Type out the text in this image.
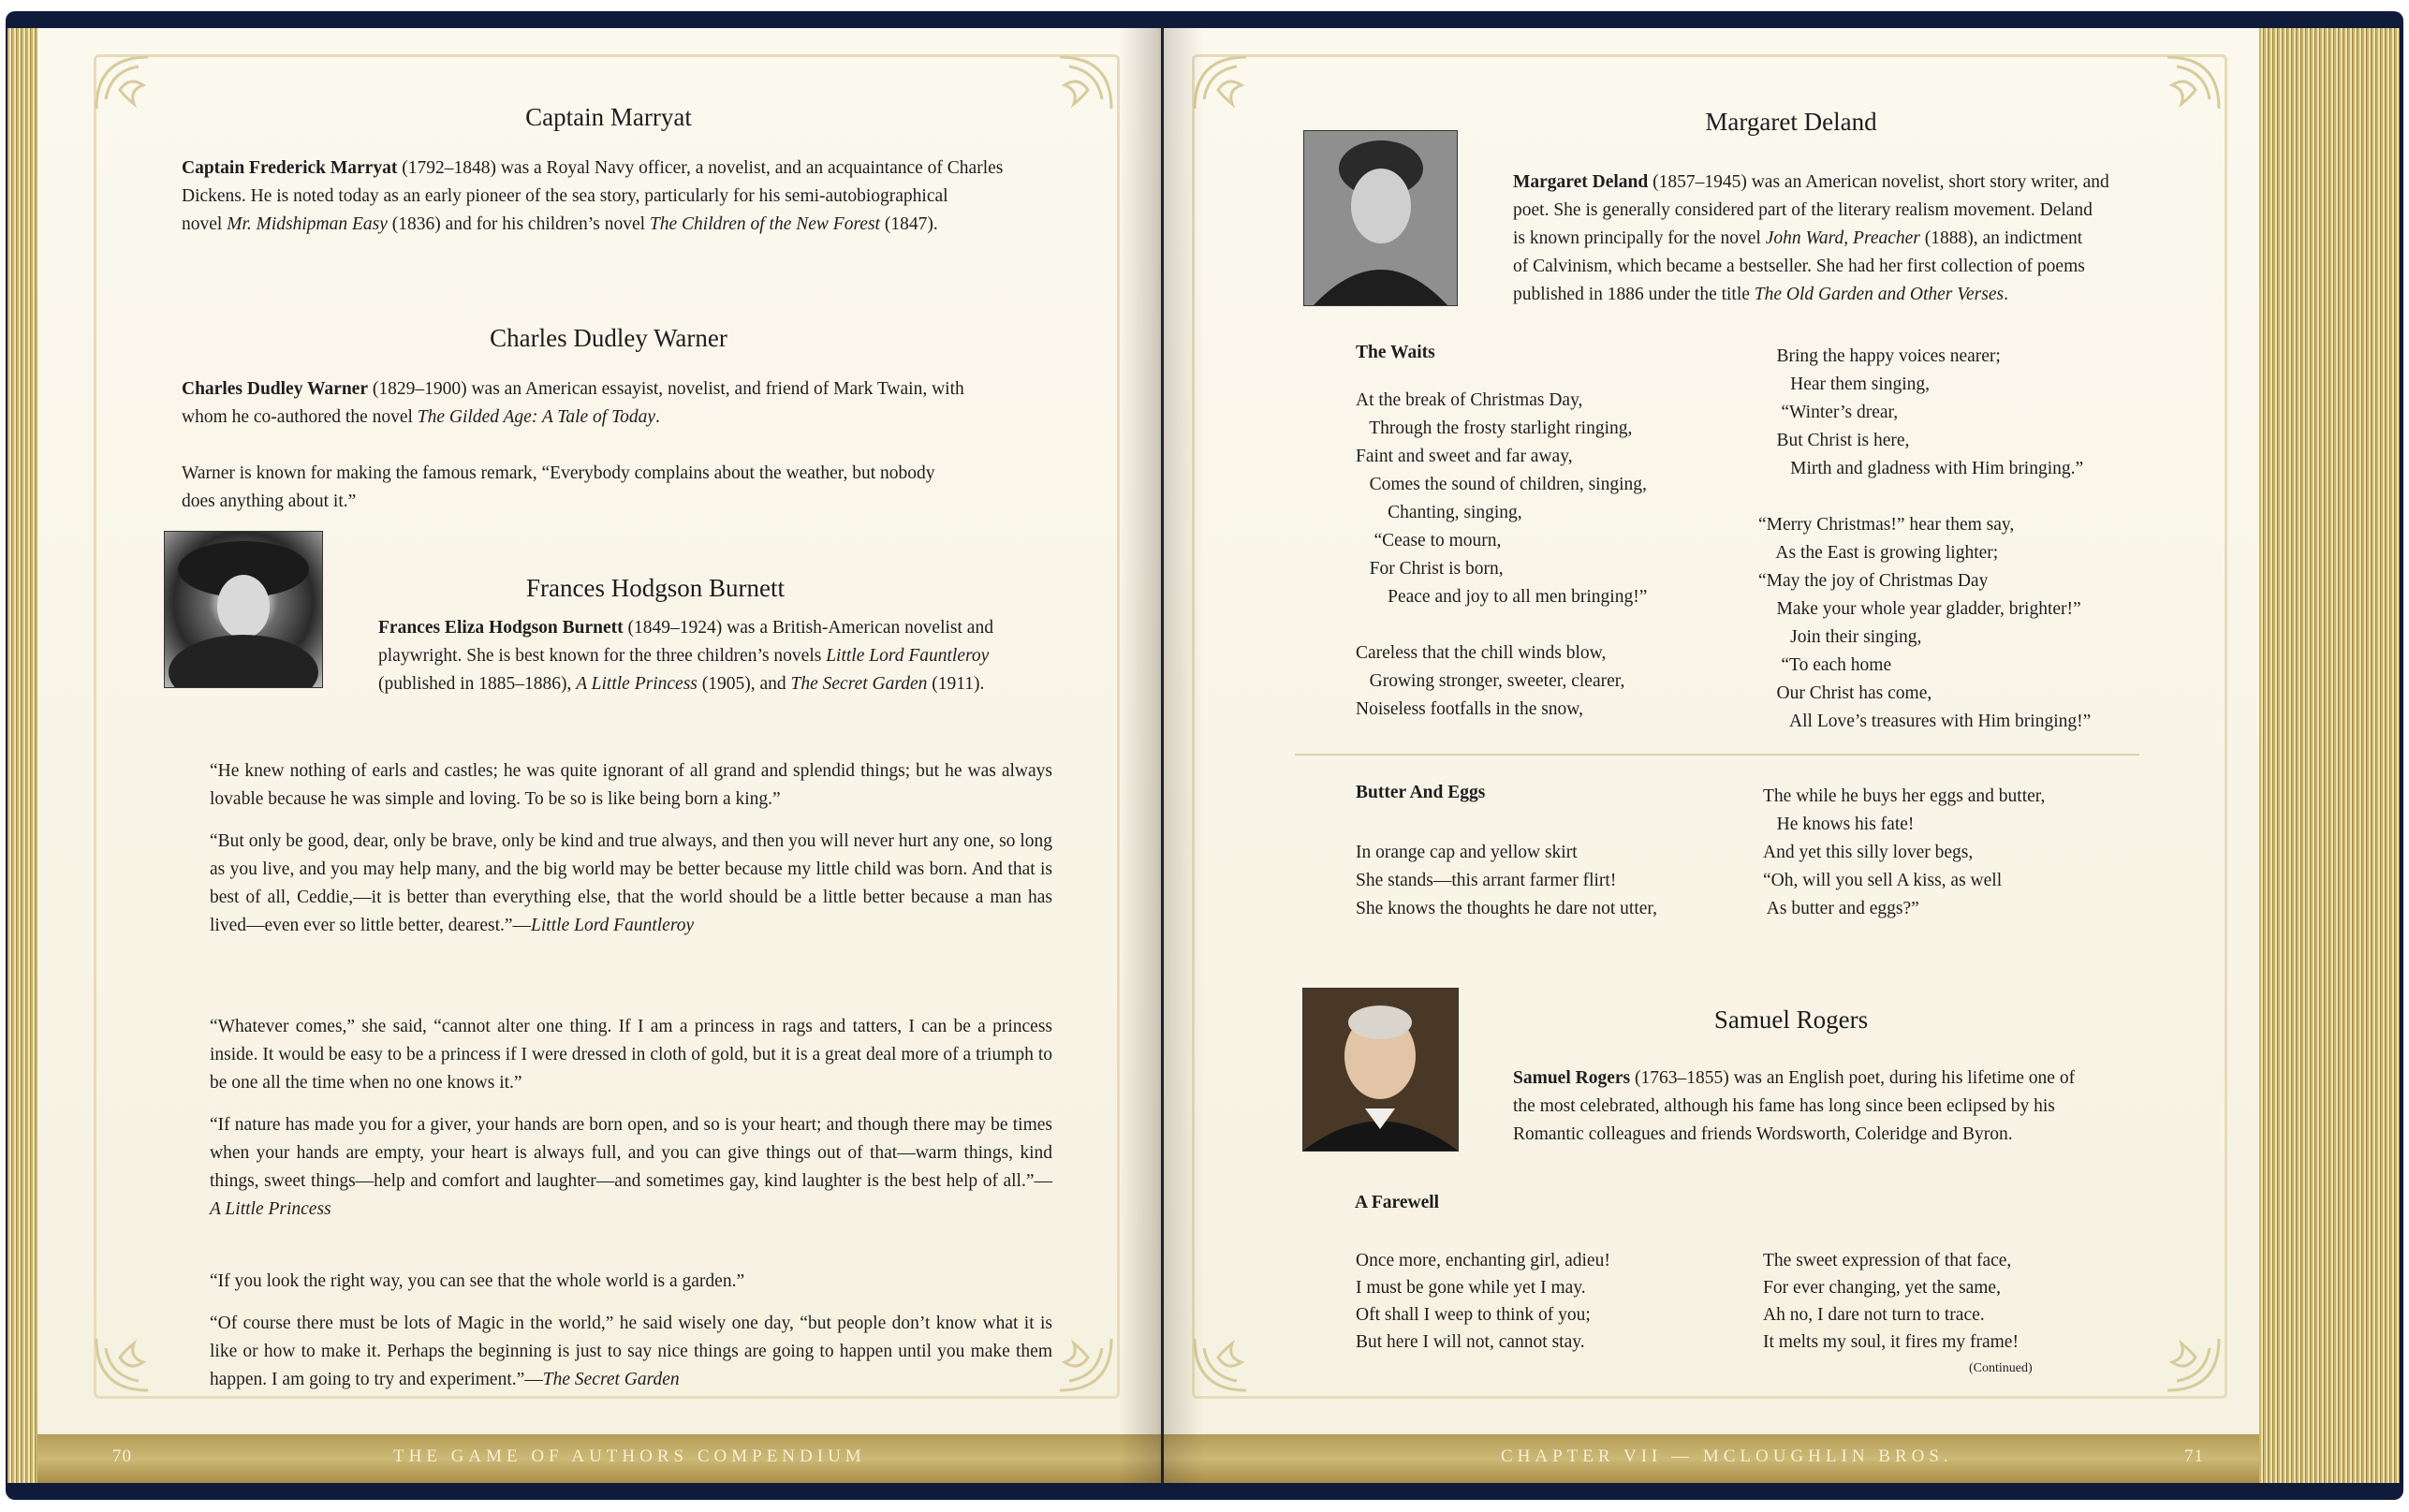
Captain Marryat

Captain Frederick Marryat (1792–1848) was a Royal Navy officer, a novelist, and an acquaintance of Charles
Dickens. He is noted today as an early pioneer of the sea story, particularly for his semi-autobiographical
novel Mr. Midshipman Easy (1836) and for his children’s novel The Children of the New Forest (1847).

Charles Dudley Warner

Charles Dudley Warner (1829–1900) was an American essayist, novelist, and friend of Mark Twain, with
whom he co-authored the novel The Gilded Age: A Tale of Today.

Warner is known for making the famous remark, “Everybody complains about the weather, but nobody
does anything about it.”

Frances Hodgson Burnett

Frances Eliza Hodgson Burnett (1849–1924) was a British-American novelist and
playwright. She is best known for the three children’s novels Little Lord Fauntleroy
(published in 1885–1886), A Little Princess (1905), and The Secret Garden (1911).

“He knew nothing of earls and castles; he was quite ignorant of all grand and splendid things; but he was always lovable because he was simple and loving. To be so is like being born a king.”

“But only be good, dear, only be brave, only be kind and true always, and then you will never hurt any one, so long as you live, and you may help many, and the big world may be better because my little child was born. And that is best of all, Ceddie,—it is better than everything else, that the world should be a little better because a man has lived—even ever so little better, dearest.”—Little Lord Fauntleroy

“Whatever comes,” she said, “cannot alter one thing. If I am a princess in rags and tatters, I can be a princess inside. It would be easy to be a princess if I were dressed in cloth of gold, but it is a great deal more of a triumph to be one all the time when no one knows it.”

“If nature has made you for a giver, your hands are born open, and so is your heart; and though there may be times when your hands are empty, your heart is always full, and you can give things out of that—warm things, kind things, sweet things—help and comfort and laughter—and sometimes gay, kind laughter is the best help of all.”—A Little Princess

“If you look the right way, you can see that the whole world is a garden.”

“Of course there must be lots of Magic in the world,” he said wisely one day, “but people don’t know what it is like or how to make it. Perhaps the beginning is just to say nice things are going to happen until you make them happen. I am going to try and experiment.”—The Secret Garden

70	THE GAME OF AUTHORS COMPENDIUM
Margaret Deland

Margaret Deland (1857–1945) was an American novelist, short story writer, and
poet. She is generally considered part of the literary realism movement. Deland
is known principally for the novel John Ward, Preacher (1888), an indictment
of Calvinism, which became a bestseller. She had her first collection of poems
published in 1886 under the title The Old Garden and Other Verses.

The Waits

At the break of Christmas Day,
Through the frosty starlight ringing,
Faint and sweet and far away,
Comes the sound of children, singing,
Chanting, singing,
“Cease to mourn,
For Christ is born,
Peace and joy to all men bringing!”

Careless that the chill winds blow,
Growing stronger, sweeter, clearer,
Noiseless footfalls in the snow,

Bring the happy voices nearer;
Hear them singing,
“Winter’s drear,
But Christ is here,
Mirth and gladness with Him bringing.”

“Merry Christmas!” hear them say,
As the East is growing lighter;
“May the joy of Christmas Day
Make your whole year gladder, brighter!”
Join their singing,
“To each home
Our Christ has come,
All Love’s treasures with Him bringing!”

Butter And Eggs

In orange cap and yellow skirt
She stands—this arrant farmer flirt!
She knows the thoughts he dare not utter,

The while he buys her eggs and butter,
He knows his fate!
And yet this silly lover begs,
“Oh, will you sell A kiss, as well
As butter and eggs?”

Samuel Rogers

Samuel Rogers (1763–1855) was an English poet, during his lifetime one of
the most celebrated, although his fame has long since been eclipsed by his
Romantic colleagues and friends Wordsworth, Coleridge and Byron.

A Farewell

Once more, enchanting girl, adieu!
I must be gone while yet I may.
Oft shall I weep to think of you;
But here I will not, cannot stay.

The sweet expression of that face,
For ever changing, yet the same,
Ah no, I dare not turn to trace.
It melts my soul, it fires my frame!

(Continued)
CHAPTER VII — MCLOUGHLIN BROS.	71
